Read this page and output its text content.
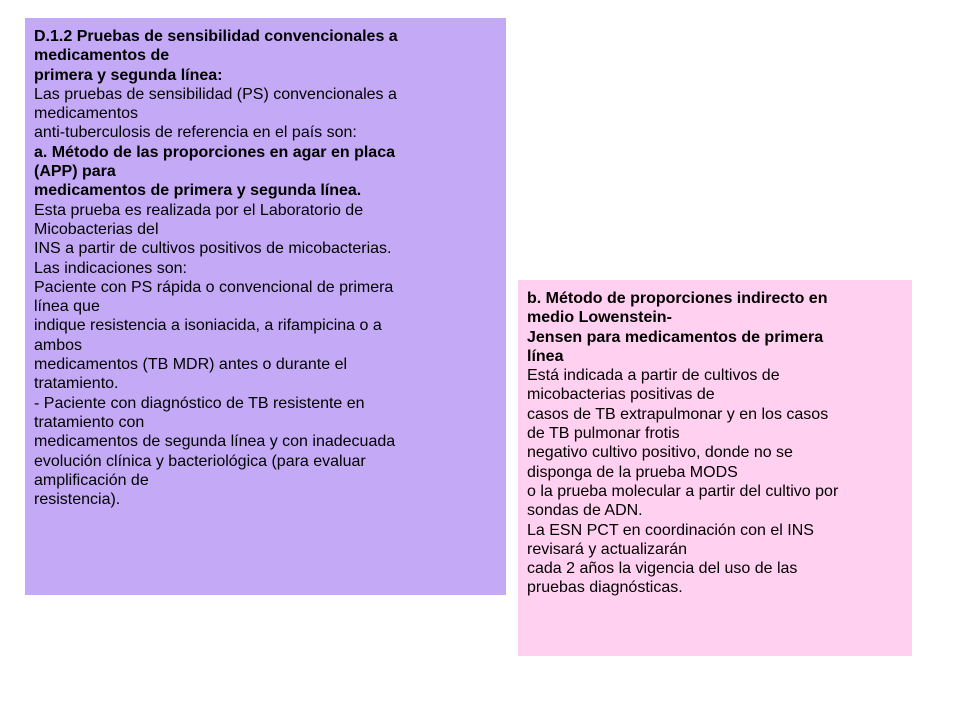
D.1.2 Pruebas de sensibilidad convencionales a
medicamentos de
primera y segunda línea:
Las pruebas de sensibilidad (PS) convencionales a
medicamentos
anti-tuberculosis de referencia en el país son:
a. Método de las proporciones en agar en placa
(APP) para
medicamentos de primera y segunda línea.
Esta prueba es realizada por el Laboratorio de
Micobacterias del
INS a partir de cultivos positivos de micobacterias.
Las indicaciones son:
Paciente con PS rápida o convencional de primera
línea que
indique resistencia a isoniacida, a rifampicina o a
ambos
medicamentos (TB MDR) antes o durante el
tratamiento.
- Paciente con diagnóstico de TB resistente en
tratamiento con
medicamentos de segunda línea y con inadecuada
evolución clínica y bacteriológica (para evaluar
amplificación de
resistencia).
b. Método de proporciones indirecto en
medio Lowenstein-
Jensen para medicamentos de primera
línea
Está indicada a partir de cultivos de
micobacterias positivas de
casos de TB extrapulmonar y en los casos
de TB pulmonar frotis
negativo cultivo positivo, donde no se
disponga de la prueba MODS
o la prueba molecular a partir del cultivo por
sondas de ADN.
La ESN PCT en coordinación con el INS
revisará y actualizarán
cada 2 años la vigencia del uso de las
pruebas diagnósticas.
